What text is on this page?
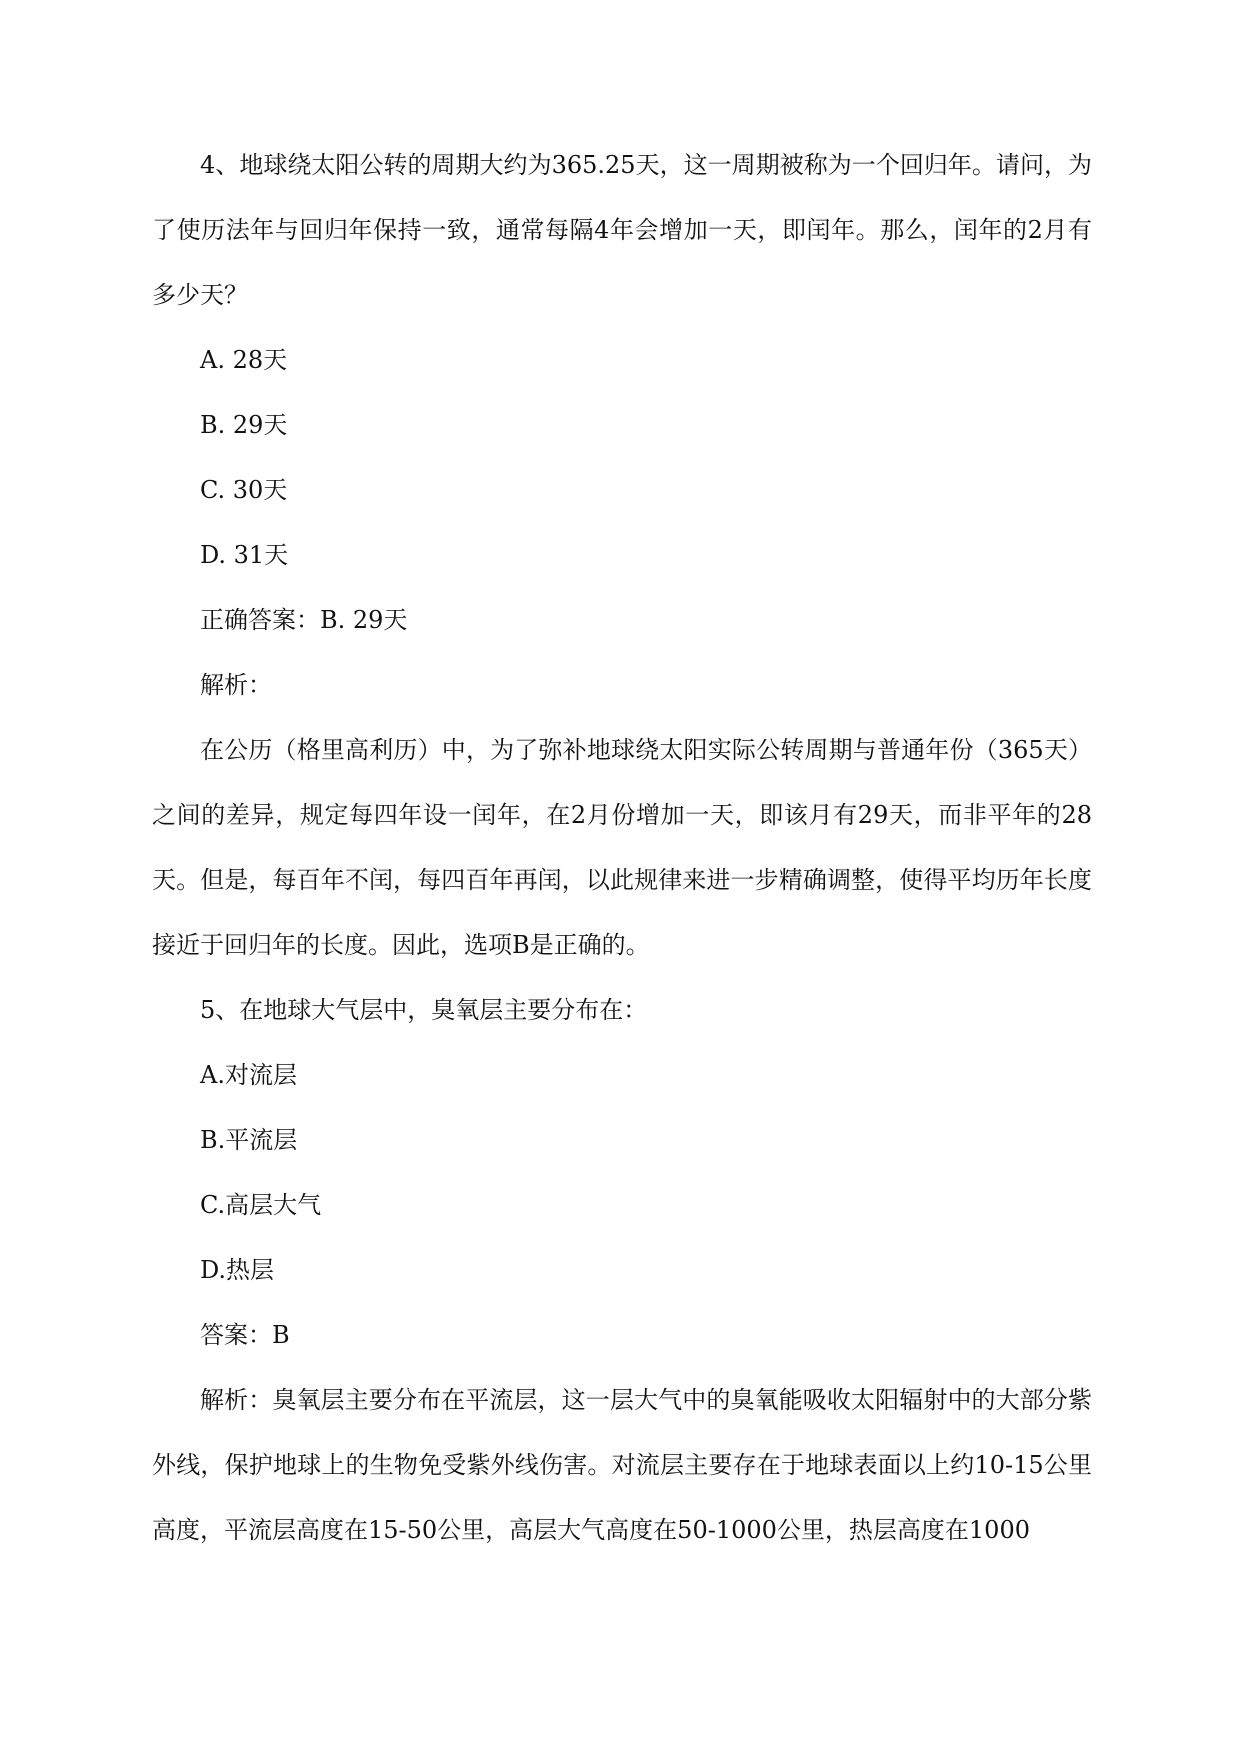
4、地球绕太阳公转的周期大约为365.25天，这一周期被称为一个回归年。请问，为了使历法年与回归年保持一致，通常每隔4年会增加一天，即闰年。那么，闰年的2月有多少天？

A. 28天

B. 29天

C. 30天

D. 31天

正确答案：B. 29天

解析：

在公历（格里高利历）中，为了弥补地球绕太阳实际公转周期与普通年份（365天）之间的差异，规定每四年设一闰年，在2月份增加一天，即该月有29天，而非平年的28天。但是，每百年不闰，每四百年再闰，以此规律来进一步精确调整，使得平均历年长度接近于回归年的长度。因此，选项B是正确的。

5、在地球大气层中，臭氧层主要分布在：

A.对流层

B.平流层

C.高层大气

D.热层

答案：B

解析：臭氧层主要分布在平流层，这一层大气中的臭氧能吸收太阳辐射中的大部分紫外线，保护地球上的生物免受紫外线伤害。对流层主要存在于地球表面以上约10-15公里高度，平流层高度在15-50公里，高层大气高度在50-1000公里，热层高度在1000
